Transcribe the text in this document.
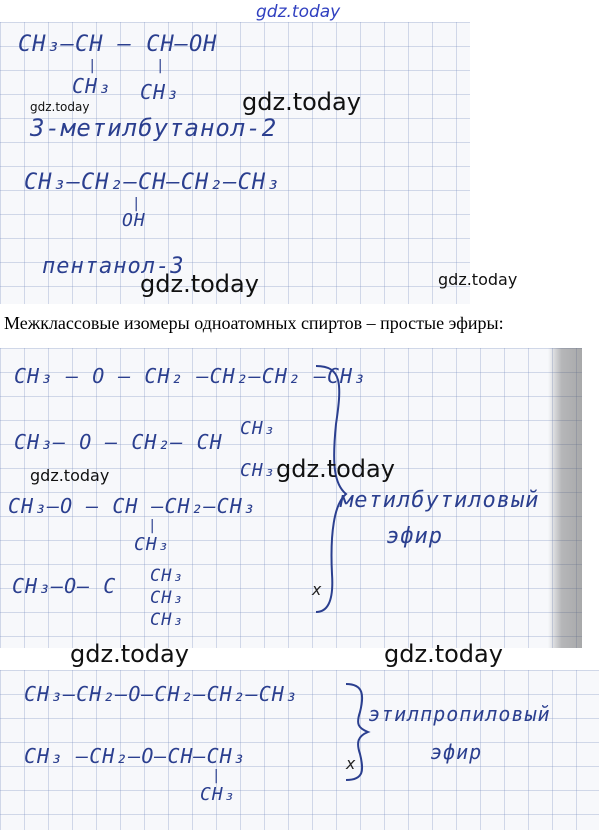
CH₃–CH – CH–OH
|	|
CH₃ CH₃
3-метилбутанол-2
CH₃–CH₂–CH–CH₂–CH₃
|
OH
пентанол-3
gdz.today
gdz.today	gdz.today
gdz.today	gdz.today
Межклассовые изомеры одноатомных спиртов – простые эфиры:
CH₃ – O – CH₂ –CH₂–CH₂ –CH₃
CH₃– O – CH₂– CH
CH₃
CH₃
CH₃–O – CH –CH₂–CH₃
|
CH₃
CH₃–O– C CH₃
CH₃
CH₃
метилбутиловый
эфир
x
gdz.today	gdz.today
gdz.today	gdz.today
CH₃–CH₂–O–CH₂–CH₂–CH₃
CH₃ –CH₂–O–CH–CH₃
|
CH₃
этилпропиловый
эфир
x
